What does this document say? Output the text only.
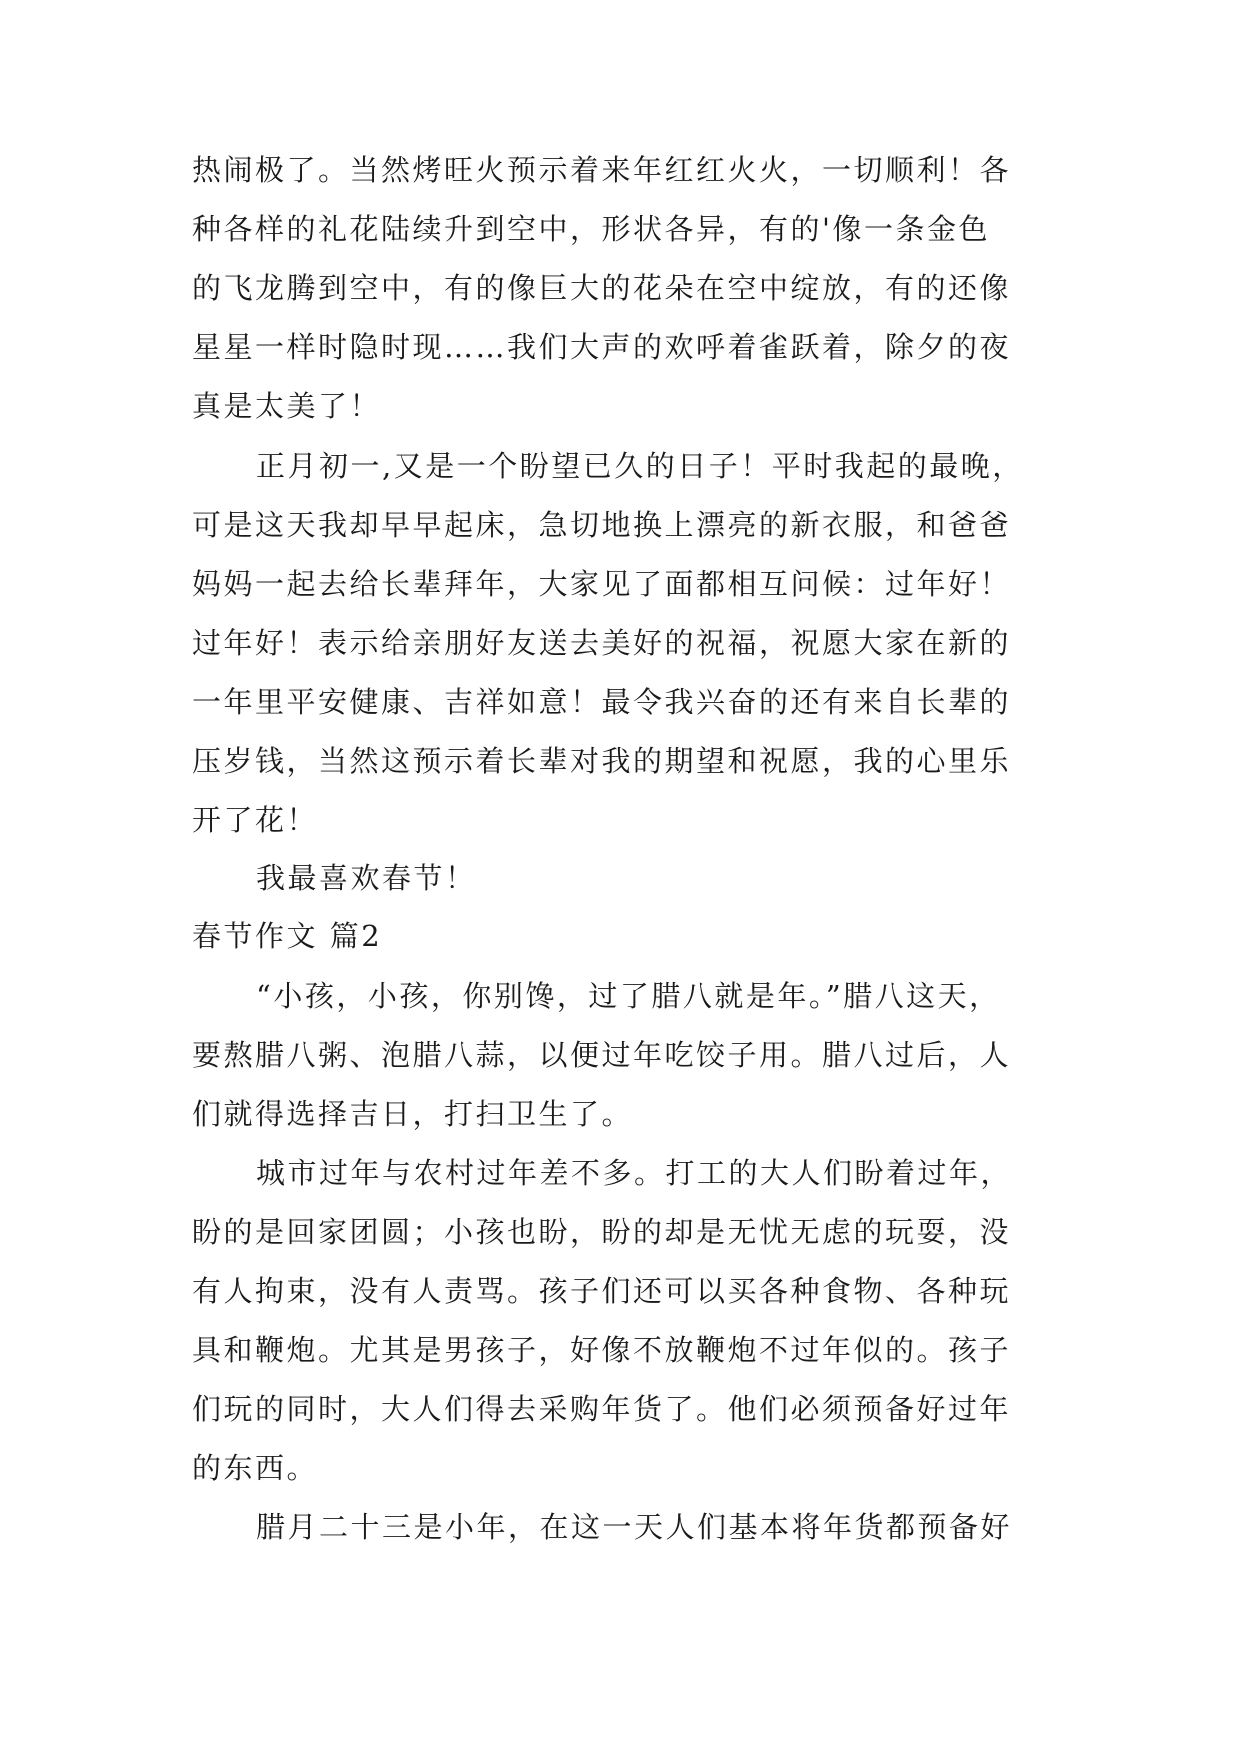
热闹极了。当然烤旺火预示着来年红红火火，一切顺利！各
种各样的礼花陆续升到空中，形状各异，有的'像一条金色
的飞龙腾到空中，有的像巨大的花朵在空中绽放，有的还像
星星一样时隐时现……我们大声的欢呼着雀跃着，除夕的夜
真是太美了！
正月初一,又是一个盼望已久的日子！平时我起的最晚，
可是这天我却早早起床，急切地换上漂亮的新衣服，和爸爸
妈妈一起去给长辈拜年，大家见了面都相互问候：过年好！
过年好！表示给亲朋好友送去美好的祝福，祝愿大家在新的
一年里平安健康、吉祥如意！最令我兴奋的还有来自长辈的
压岁钱，当然这预示着长辈对我的期望和祝愿，我的心里乐
开了花！
我最喜欢春节！
春节作文 篇2
“小孩，小孩，你别馋，过了腊八就是年。”腊八这天，
要熬腊八粥、泡腊八蒜，以便过年吃饺子用。腊八过后，人
们就得选择吉日，打扫卫生了。
城市过年与农村过年差不多。打工的大人们盼着过年，
盼的是回家团圆；小孩也盼，盼的却是无忧无虑的玩耍，没
有人拘束，没有人责骂。孩子们还可以买各种食物、各种玩
具和鞭炮。尤其是男孩子，好像不放鞭炮不过年似的。孩子
们玩的同时，大人们得去采购年货了。他们必须预备好过年
的东西。
腊月二十三是小年，在这一天人们基本将年货都预备好
